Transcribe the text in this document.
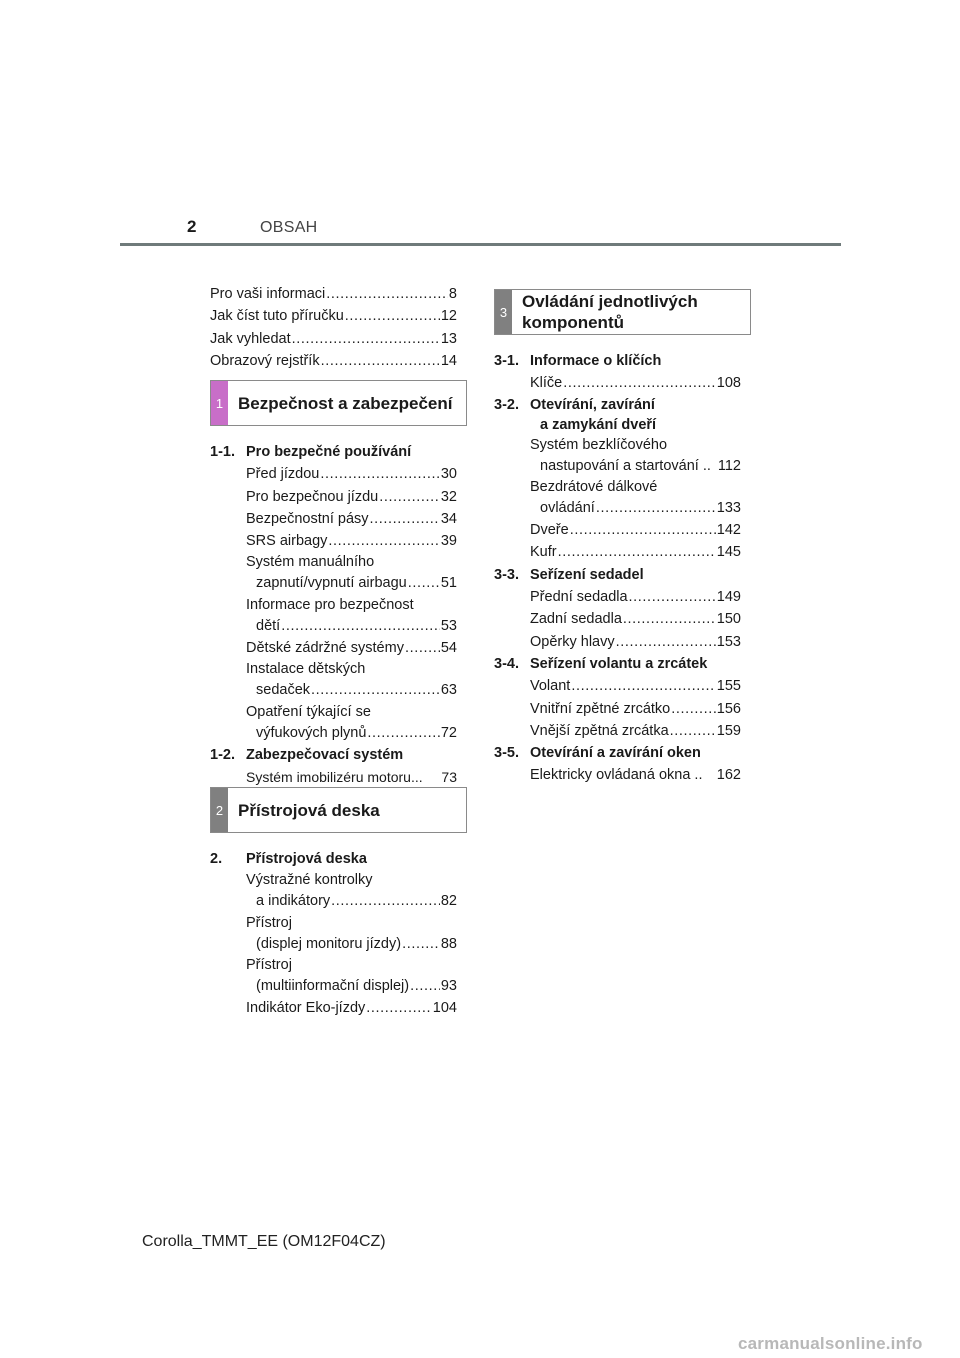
2	OBSAH
Pro vaši informaci .....	8
Jak číst tuto příručku .....	12
Jak vyhledat .....	13
Obrazový rejstřík .....	14
1 Bezpečnost a zabezpečení
1-1. Pro bezpečné používání
Před jízdou .....	30
Pro bezpečnou jízdu .....	32
Bezpečnostní pásy .....	34
SRS airbagy .....	39
Systém manuálního
zapnutí/vypnutí airbagu ..... 51
Informace pro bezpečnost
dětí .....	53
Dětské zádržné systémy .....	54
Instalace dětských
sedaček .....	63
Opatření týkající se
výfukových plynů .....	72
1-2. Zabezpečovací systém
Systém imobilizéru motoru... 73
2 Přístrojová deska
2.	Přístrojová deska
Výstražné kontrolky
a indikátory .....	82
Přístroj
(displej monitoru jízdy) .....	88
Přístroj
(multiinformační displej) ..... 93
Indikátor Eko-jízdy .....	104
3
Ovládání jednotlivých
komponentů
3-1. Informace o klíčích
Klíče .....	108
3-2. Otevírání, zavírání
a zamykání dveří
Systém bezklíčového
nastupování a startování .. 112
Bezdrátové dálkové
ovládání .....	133
Dveře .....	142
Kufr .....	145
3-3. Seřízení sedadel
Přední sedadla .....	149
Zadní sedadla .....	150
Opěrky hlavy .....	153
3-4. Seřízení volantu a zrcátek
Volant .....	155
Vnitřní zpětné zrcátko .....	156
Vnější zpětná zrcátka .....	159
3-5. Otevírání a zavírání oken
Elektricky ovládaná okna .. 162
Corolla_TMMT_EE (OM12F04CZ)
carmanualsonline.info
